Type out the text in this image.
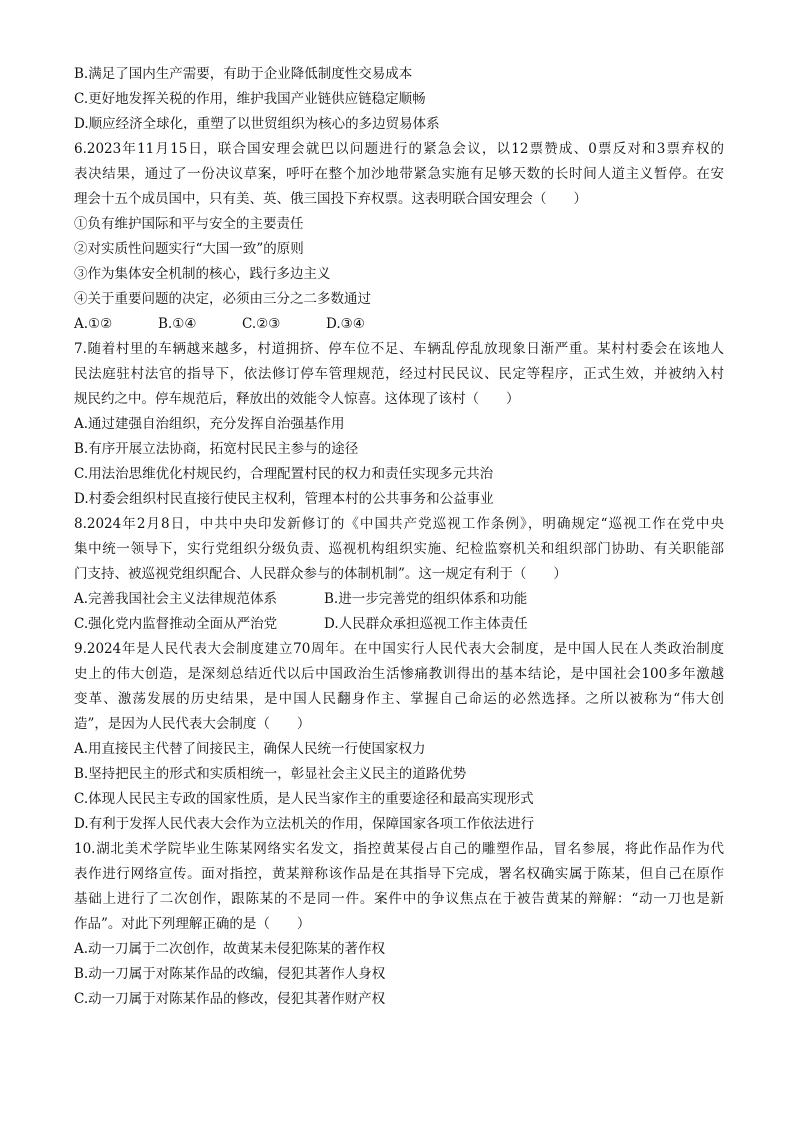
B.满足了国内生产需要，有助于企业降低制度性交易成本
C.更好地发挥关税的作用，维护我国产业链供应链稳定顺畅
D.顺应经济全球化，重塑了以世贸组织为核心的多边贸易体系
6.2023年11月15日，联合国安理会就巴以问题进行的紧急会议，以12票赞成、0票反对和3票弃权的
表决结果，通过了一份决议草案，呼吁在整个加沙地带紧急实施有足够天数的长时间人道主义暂停。在安
理会十五个成员国中，只有美、英、俄三国投下弃权票。这表明联合国安理会（　　）
①负有维护国际和平与安全的主要责任
②对实质性问题实行“大国一致”的原则
③作为集体安全机制的核心，践行多边主义
④关于重要问题的决定，必须由三分之二多数通过
A.①②	B.①④	C.②③	D.③④
7.随着村里的车辆越来越多，村道拥挤、停车位不足、车辆乱停乱放现象日渐严重。某村村委会在该地人
民法庭驻村法官的指导下，依法修订停车管理规范，经过村民民议、民定等程序，正式生效，并被纳入村
规民约之中。停车规范后，释放出的效能令人惊喜。这体现了该村（　　）
A.通过建强自治组织，充分发挥自治强基作用
B.有序开展立法协商，拓宽村民民主参与的途径
C.用法治思维优化村规民约，合理配置村民的权力和责任实现多元共治
D.村委会组织村民直接行使民主权利，管理本村的公共事务和公益事业
8.2024年2月8日，中共中央印发新修订的《中国共产党巡视工作条例》，明确规定“巡视工作在党中央
集中统一领导下，实行党组织分级负责、巡视机构组织实施、纪检监察机关和组织部门协助、有关职能部
门支持、被巡视党组织配合、人民群众参与的体制机制”。这一规定有利于（　　）
A.完善我国社会主义法律规范体系	B.进一步完善党的组织体系和功能
C.强化党内监督推动全面从严治党	D.人民群众承担巡视工作主体责任
9.2024年是人民代表大会制度建立70周年。在中国实行人民代表大会制度，是中国人民在人类政治制度
史上的伟大创造，是深刻总结近代以后中国政治生活惨痛教训得出的基本结论，是中国社会100多年激越
变革、激荡发展的历史结果，是中国人民翻身作主、掌握自己命运的必然选择。之所以被称为“伟大创
造”，是因为人民代表大会制度（　　）
A.用直接民主代替了间接民主，确保人民统一行使国家权力
B.坚持把民主的形式和实质相统一，彰显社会主义民主的道路优势
C.体现人民民主专政的国家性质，是人民当家作主的重要途径和最高实现形式
D.有利于发挥人民代表大会作为立法机关的作用，保障国家各项工作依法进行
10.湖北美术学院毕业生陈某网络实名发文，指控黄某侵占自己的雕塑作品，冒名参展，将此作品作为代
表作进行网络宣传。面对指控，黄某辩称该作品是在其指导下完成，署名权确实属于陈某，但自己在原作
基础上进行了二次创作，跟陈某的不是同一件。案件中的争议焦点在于被告黄某的辩解：“动一刀也是新
作品”。对此下列理解正确的是（　　）
A.动一刀属于二次创作，故黄某未侵犯陈某的著作权
B.动一刀属于对陈某作品的改编，侵犯其著作人身权
C.动一刀属于对陈某作品的修改，侵犯其著作财产权
